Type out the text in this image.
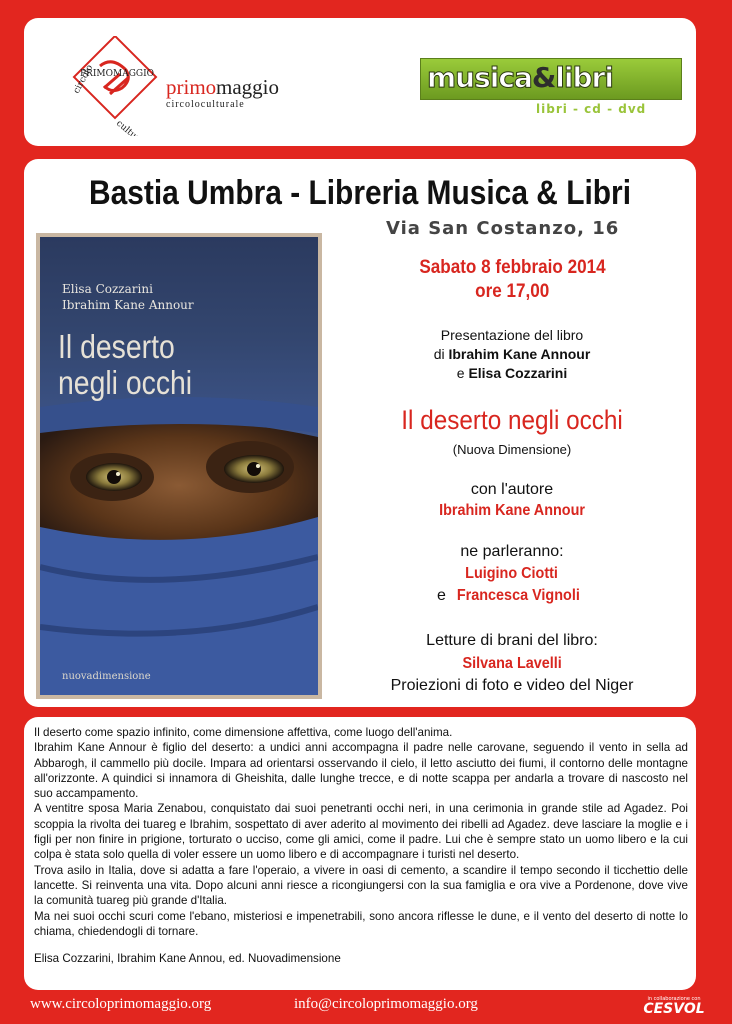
circolo
PRIMOMAGGIO
culturale
primo maggio
circoloculturale
musica&libri
libri - cd - dvd
Bastia Umbra - Libreria Musica & Libri
Via San Costanzo, 16
Elisa Cozzarini
Ibrahim Kane Annour
Il deserto
negli occhi
nuovadimensione
Sabato 8 febbraio 2014
ore 17,00
Presentazione del libro
di Ibrahim Kane Annour
e Elisa Cozzarini
Il deserto negli occhi
(Nuova Dimensione)
con l'autore
Ibrahim Kane Annour
ne parleranno:
Luigino Ciotti
e Francesca Vignoli
Letture di brani del libro:
Silvana Lavelli
Proiezioni di foto e video del Niger

Il deserto come spazio infinito, come dimensione affettiva, come luogo dell'anima.

Ibrahim Kane Annour è figlio del deserto: a undici anni accompagna il padre nelle carovane, seguendo il vento in sella ad Abbarogh, il cammello più docile. Impara ad orientarsi osservando il cielo, il letto asciutto dei fiumi, il contorno delle montagne all'orizzonte. A quindici si innamora di Gheishita, dalle lunghe trecce, e di notte scappa per andarla a trovare di nascosto nel suo accampamento.

A ventitre sposa Maria Zenabou, conquistato dai suoi penetranti occhi neri, in una cerimonia in grande stile ad Agadez. Poi scoppia la rivolta dei tuareg e Ibrahim, sospettato di aver aderito al movimento dei ribelli ad Agadez. deve lasciare la moglie e i figli per non finire in prigione, torturato o ucciso, come gli amici, come il padre. Lui che è sempre stato un uomo libero e la cui colpa è stata solo quella di voler essere un uomo libero e di accompagnare i turisti nel deserto.

Trova asilo in Italia, dove si adatta a fare l'operaio, a vivere in oasi di cemento, a scandire il tempo secondo il ticchettio delle lancette. Si reinventa una vita. Dopo alcuni anni riesce a ricongiungersi con la sua famiglia e ora vive a Pordenone, dove vive la comunità tuareg più grande d'Italia.

Ma nei suoi occhi scuri come l'ebano, misteriosi e impenetrabili, sono ancora riflesse le dune, e il vento del deserto di notte lo chiama, chiedendogli di tornare.

Elisa Cozzarini, Ibrahim Kane Annou, ed. Nuovadimensione

www.circoloprimomaggio.org	info@circoloprimomaggio.org	in collaborazione con
CESVOL
